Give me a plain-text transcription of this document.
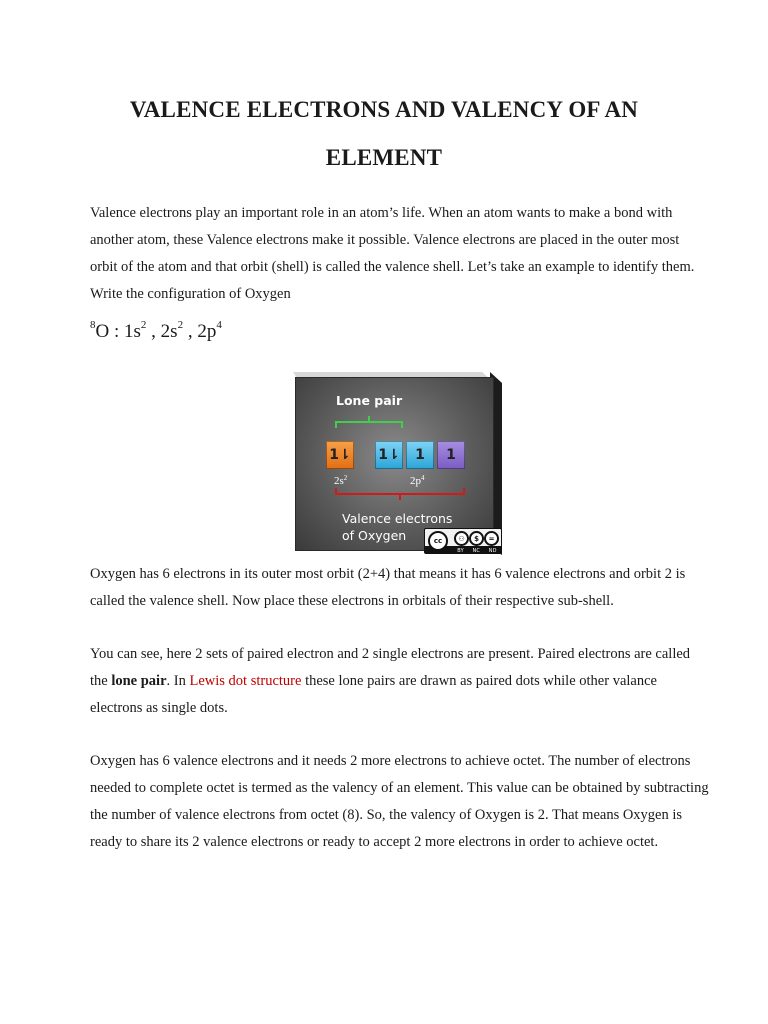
VALENCE ELECTRONS AND VALENCY OF AN
ELEMENT

Valence electrons play an important role in an atom’s life. When an atom wants to make a bond with another atom, these Valence electrons make it possible. Valence electrons are placed in the outer most orbit of the atom and that orbit (shell) is called the valence shell. Let’s take an example to identify them. Write the configuration of Oxygen

$^8$O : $1s^2$ , $2s^2$ , $2p^4$
Lone pair
1⇂ 1⇂	1	1
$2s^2$	$2p^4$
Valence electrons
of Oxygen	cc	⚇	$	=
BY NC ND

Oxygen has 6 electrons in its outer most orbit (2+4) that means it has 6 valence electrons and orbit 2 is called the valence shell. Now place these electrons in orbitals of their respective sub-shell.

You can see, here 2 sets of paired electron and 2 single electrons are present. Paired electrons are called the lone pair. In Lewis dot structure these lone pairs are drawn as paired dots while other valance electrons as single dots.

Oxygen has 6 valence electrons and it needs 2 more electrons to achieve octet. The number of electrons needed to complete octet is termed as the valency of an element. This value can be obtained by subtracting the number of valence electrons from octet (8). So, the valency of Oxygen is 2. That means Oxygen is ready to share its 2 valence electrons or ready to accept 2 more electrons in order to achieve octet.
